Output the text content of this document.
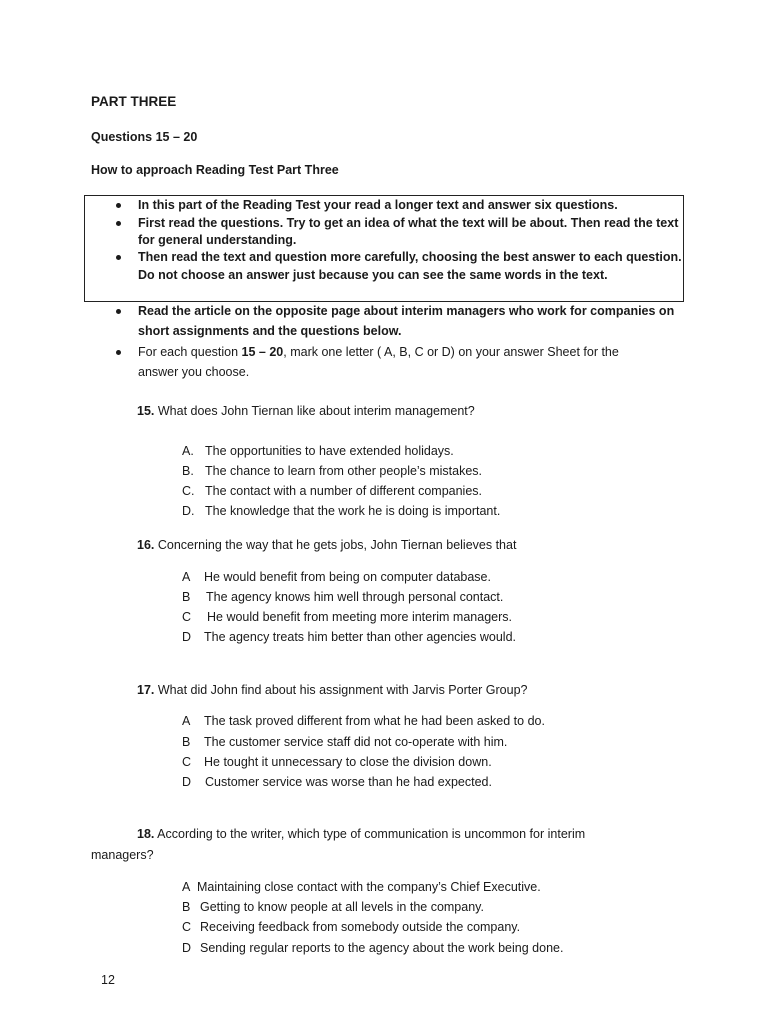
PART THREE
Questions 15 – 20
How to approach Reading Test Part Three
In this part of the Reading Test your read a longer text and answer six questions.
First read the questions. Try to get an idea of what the text will be about. Then read the text
for general understanding.
Then read the text and question more carefully, choosing the best answer to each question.
Do not choose an answer just because you can see the same words in the text.
Read the article on the opposite page about interim managers who work for companies on
short assignments and the questions below.
For each question 15 – 20, mark one letter ( A, B, C or D) on your answer Sheet for the
answer you choose.
15. What does John Tiernan like about interim management?
A. The opportunities to have extended holidays.
B. The chance to learn from other people’s mistakes.
C. The contact with a number of different companies.
D. The knowledge that the work he is doing is important.
16. Concerning the way that he gets jobs, John Tiernan believes that
A He would benefit from being on computer database.
B The agency knows him well through personal contact.
C He would benefit from meeting more interim managers.
D The agency treats him better than other agencies would.
17. What did John find about his assignment with Jarvis Porter Group?
A The task proved different from what he had been asked to do.
B The customer service staff did not co-operate with him.
C He tought it unnecessary to close the division down.
D Customer service was worse than he had expected.
18. According to the writer, which type of communication is uncommon for interim
managers?
A Maintaining close contact with the company’s Chief Executive.
B Getting to know people at all levels in the company.
C Receiving feedback from somebody outside the company.
D Sending regular reports to the agency about the work being done.
12
